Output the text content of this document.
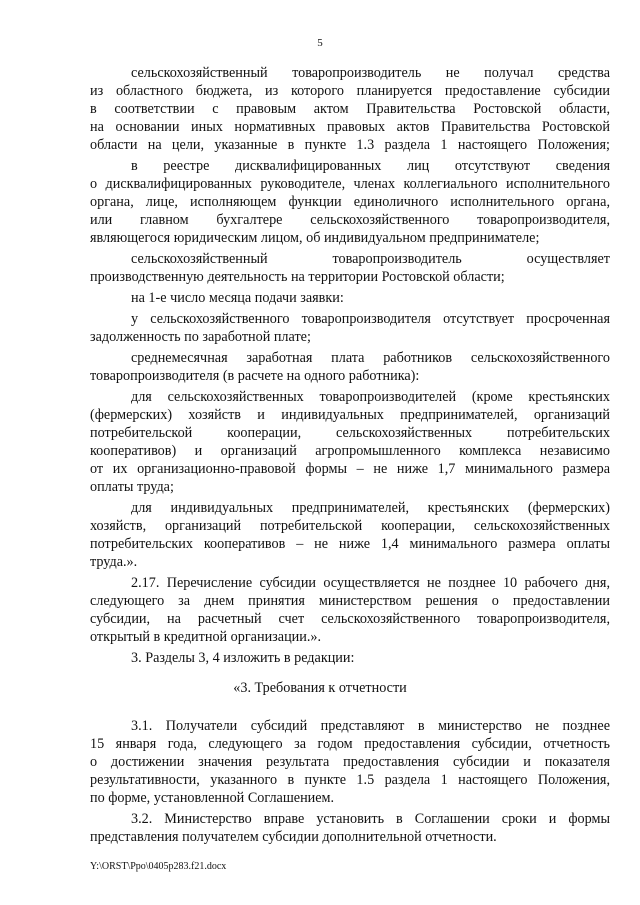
5
сельскохозяйственный товаропроизводитель не получал средства
из областного бюджета, из которого планируется предоставление субсидии
в соответствии с правовым актом Правительства Ростовской области,
на основании иных нормативных правовых актов Правительства Ростовской
области на цели, указанные в пункте 1.3 раздела 1 настоящего Положения;
в реестре дисквалифицированных лиц отсутствуют сведения
о дисквалифицированных руководителе, членах коллегиального исполнительного
органа, лице, исполняющем функции единоличного исполнительного органа,
или главном бухгалтере сельскохозяйственного товаропроизводителя,
являющегося юридическим лицом, об индивидуальном предпринимателе;
сельскохозяйственный товаропроизводитель осуществляет
производственную деятельность на территории Ростовской области;
на 1-е число месяца подачи заявки:
у сельскохозяйственного товаропроизводителя отсутствует просроченная
задолженность по заработной плате;
среднемесячная заработная плата работников сельскохозяйственного
товаропроизводителя (в расчете на одного работника):
для сельскохозяйственных товаропроизводителей (кроме крестьянских
(фермерских) хозяйств и индивидуальных предпринимателей, организаций
потребительской кооперации, сельскохозяйственных потребительских
кооперативов) и организаций агропромышленного комплекса независимо
от их организационно-правовой формы – не ниже 1,7 минимального размера
оплаты труда;
для индивидуальных предпринимателей, крестьянских (фермерских)
хозяйств, организаций потребительской кооперации, сельскохозяйственных
потребительских кооперативов – не ниже 1,4 минимального размера оплаты
труда.».
2.17. Перечисление субсидии осуществляется не позднее 10 рабочего дня,
следующего за днем принятия министерством решения о предоставлении
субсидии, на расчетный счет сельскохозяйственного товаропроизводителя,
открытый в кредитной организации.».
3. Разделы 3, 4 изложить в редакции:
3.1. Получатели субсидий представляют в министерство не позднее
15 января года, следующего за годом предоставления субсидии, отчетность
о достижении значения результата предоставления субсидии и показателя
результативности, указанного в пункте 1.5 раздела 1 настоящего Положения,
по форме, установленной Соглашением.
3.2. Министерство вправе установить в Соглашении сроки и формы
представления получателем субсидии дополнительной отчетности.
«3. Требования к отчетности
Y:\ORST\Ppo\0405p283.f21.docx
